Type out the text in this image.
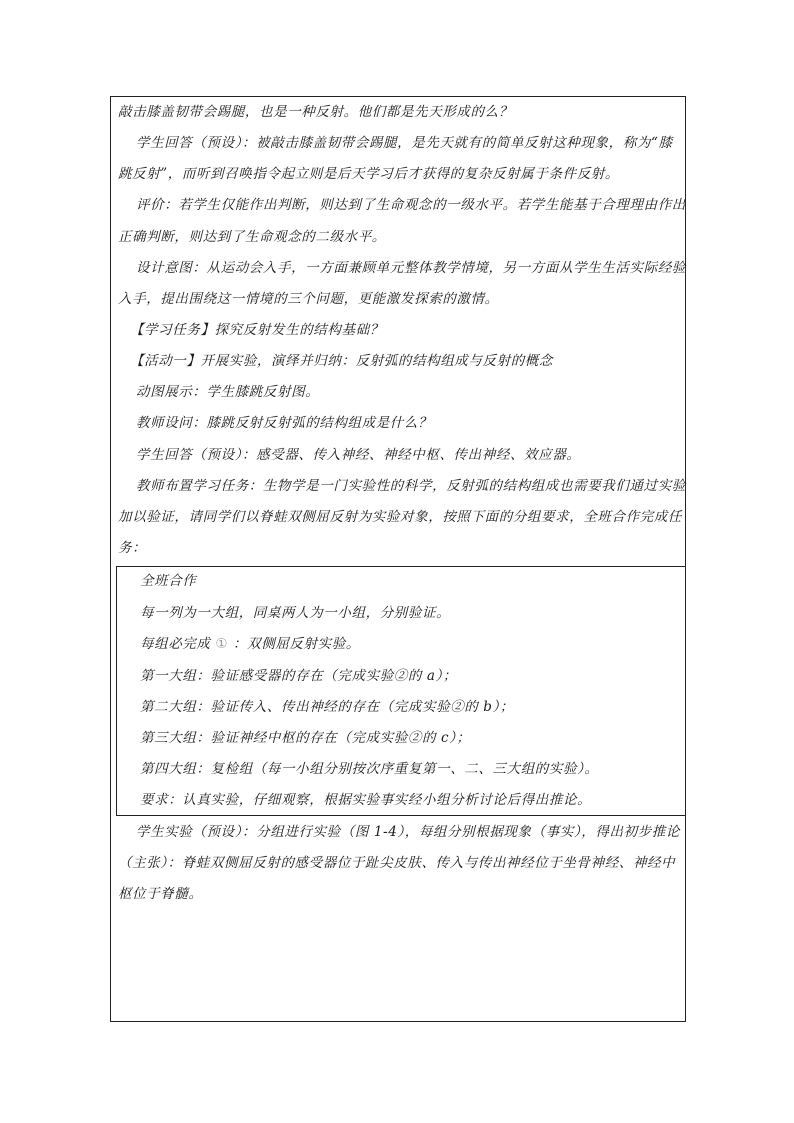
敲击膝盖韧带会踢腿，也是一种反射。他们都是先天形成的么？
学生回答（预设）：被敲击膝盖韧带会踢腿，是先天就有的简单反射这种现象，称为“膝
跳反射”，而听到召唤指令起立则是后天学习后才获得的复杂反射属于条件反射。
评价：若学生仅能作出判断，则达到了生命观念的一级水平。若学生能基于合理理由作出
正确判断，则达到了生命观念的二级水平。
设计意图：从运动会入手，一方面兼顾单元整体教学情境，另一方面从学生生活实际经验
入手，提出围绕这一情境的三个问题，更能激发探索的激情。
【学习任务】探究反射发生的结构基础？
【活动一】开展实验，演绎并归纳：反射弧的结构组成与反射的概念
动图展示：学生膝跳反射图。
教师设问：膝跳反射反射弧的结构组成是什么？
学生回答（预设）：感受器、传入神经、神经中枢、传出神经、效应器。
教师布置学习任务：生物学是一门实验性的科学，反射弧的结构组成也需要我们通过实验
加以验证，请同学们以脊蛙双侧屈反射为实验对象，按照下面的分组要求，全班合作完成任
务：
全班合作
每一列为一大组，同桌两人为一小组，分别验证。
每组必完成 ① ：双侧屈反射实验。
第一大组：验证感受器的存在（完成实验②的 a）；
第二大组：验证传入、传出神经的存在（完成实验②的 b）；
第三大组：验证神经中枢的存在（完成实验②的 c）；
第四大组：复检组（每一小组分别按次序重复第一、二、三大组的实验）。
要求：认真实验，仔细观察，根据实验事实经小组分析讨论后得出推论。
学生实验（预设）：分组进行实验（图 1-4），每组分别根据现象（事实），得出初步推论
（主张）：脊蛙双侧屈反射的感受器位于趾尖皮肤、传入与传出神经位于坐骨神经、神经中
枢位于脊髓。
